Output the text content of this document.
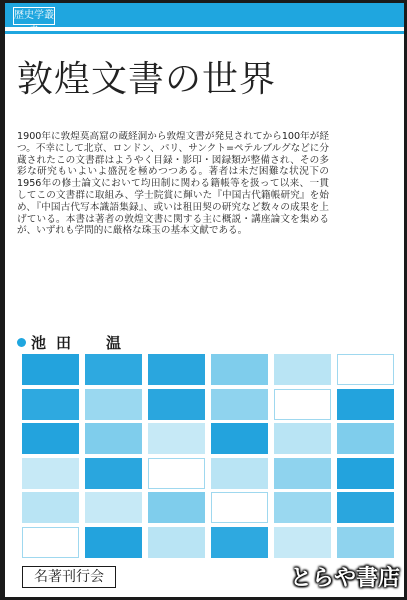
歴史学叢
敦煌文書の世界

1900年に敦煌莫高窟の蔵経洞から敦煌文書が発見されてから100年が経つ。不幸にして北京、ロンドン、パリ、サンクト=ペテルブルグなどに分蔵されたこの文書群はようやく目録・影印・図録類が整備され、その多彩な研究もいよいよ盛況を極めつつある。著者は未だ困難な状況下の1956年の修士論文において均田制に関わる籍帳等を扱って以来、一貫してこの文書群に取組み、学士院賞に輝いた『中国古代籍帳研究』を始め、『中国古代写本識語集録』、或いは租田契の研究など数々の成果を上げている。本書は著者の敦煌文書に関する主に概説・講座論文を集めるが、いずれも学問的に厳格な珠玉の基本文献である。

池田　温
名著刊行会	とらや書店
